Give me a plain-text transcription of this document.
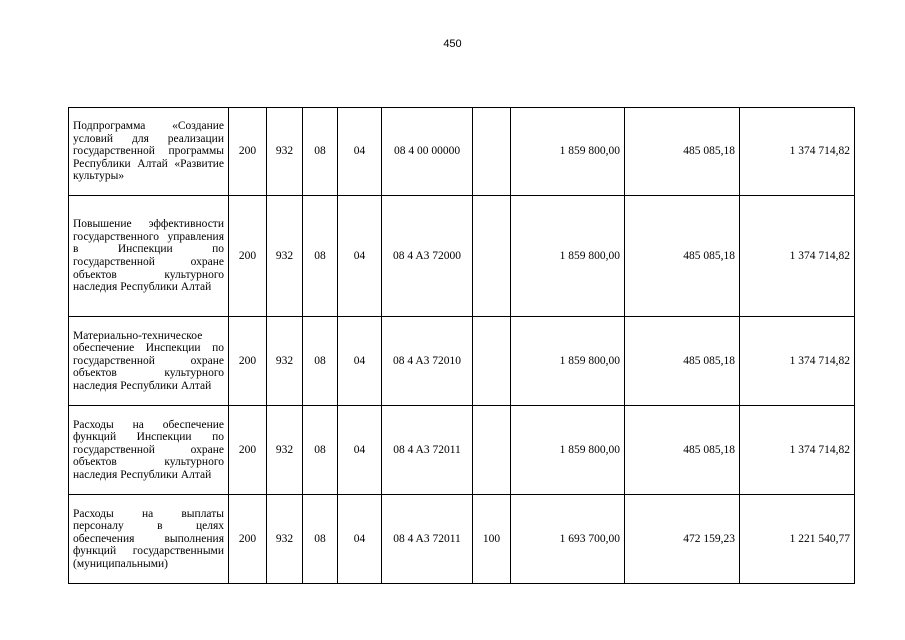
450
Подпрограмма «Создание условий для реализации государственной программы Республики Алтай «Развитие культуры»	200	932	08	04	08 4 00 00000		1 859 800,00	485 085,18	1 374 714,82
Повышение эффективности государственного управления в Инспекции по государственной охране объектов культурного наследия Республики Алтай	200	932	08	04	08 4 A3 72000		1 859 800,00	485 085,18	1 374 714,82
Материально-техническое обеспечение Инспекции по государственной охране объектов культурного наследия Республики Алтай	200	932	08	04	08 4 A3 72010		1 859 800,00	485 085,18	1 374 714,82
Расходы на обеспечение функций Инспекции по государственной охране объектов культурного наследия Республики Алтай	200	932	08	04	08 4 A3 72011		1 859 800,00	485 085,18	1 374 714,82
Расходы на выплаты персоналу в целях обеспечения выполнения функций государственными (муниципальными)	200	932	08	04	08 4 A3 72011	100	1 693 700,00	472 159,23	1 221 540,77
